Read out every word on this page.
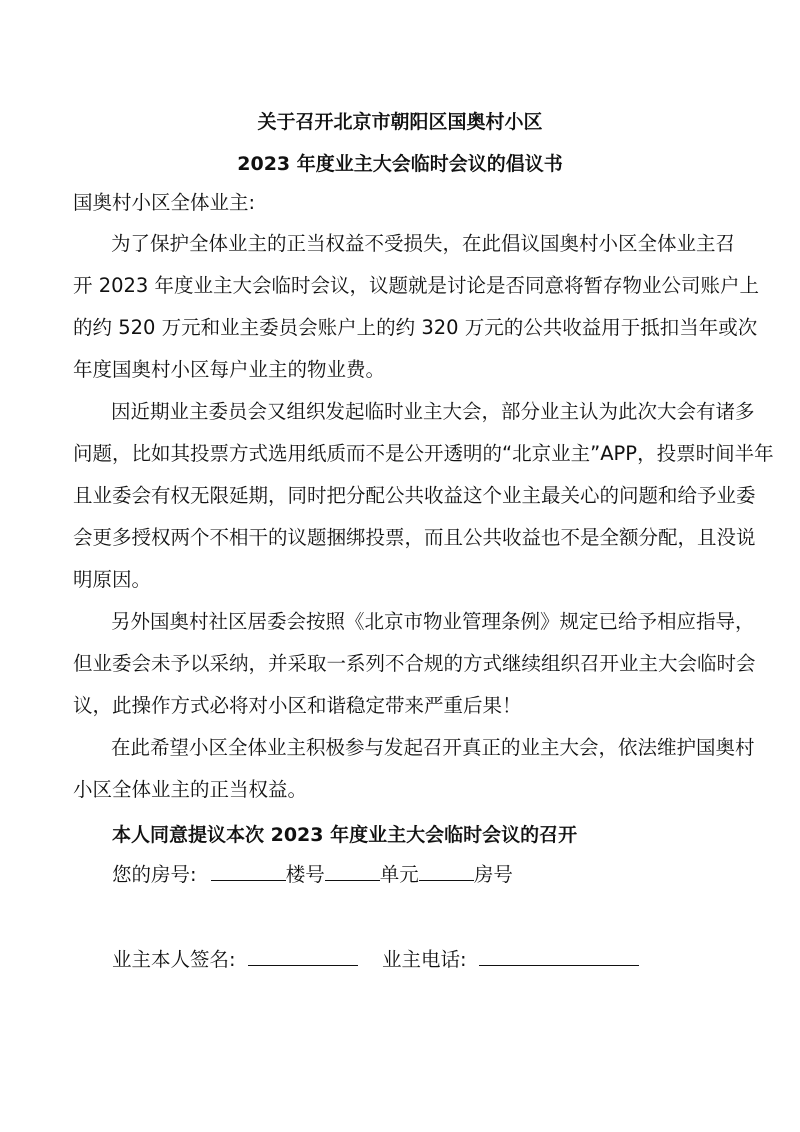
关于召开北京市朝阳区国奥村小区
2023 年度业主大会临时会议的倡议书
国奥村小区全体业主:
为了保护全体业主的正当权益不受损失，在此倡议国奥村小区全体业主召
开 2023 年度业主大会临时会议，议题就是讨论是否同意将暂存物业公司账户上
的约 520 万元和业主委员会账户上的约 320 万元的公共收益用于抵扣当年或次
年度国奥村小区每户业主的物业费。
因近期业主委员会又组织发起临时业主大会，部分业主认为此次大会有诸多
问题，比如其投票方式选用纸质而不是公开透明的“北京业主”APP，投票时间半年
且业委会有权无限延期，同时把分配公共收益这个业主最关心的问题和给予业委
会更多授权两个不相干的议题捆绑投票，而且公共收益也不是全额分配，且没说
明原因。
另外国奥村社区居委会按照《北京市物业管理条例》规定已给予相应指导，
但业委会未予以采纳，并采取一系列不合规的方式继续组织召开业主大会临时会
议，此操作方式必将对小区和谐稳定带来严重后果！
在此希望小区全体业主积极参与发起召开真正的业主大会，依法维护国奥村
小区全体业主的正当权益。
本人同意提议本次 2023 年度业主大会临时会议的召开
您的房号:	楼号	单元	房号
业主本人签名:	业主电话:
